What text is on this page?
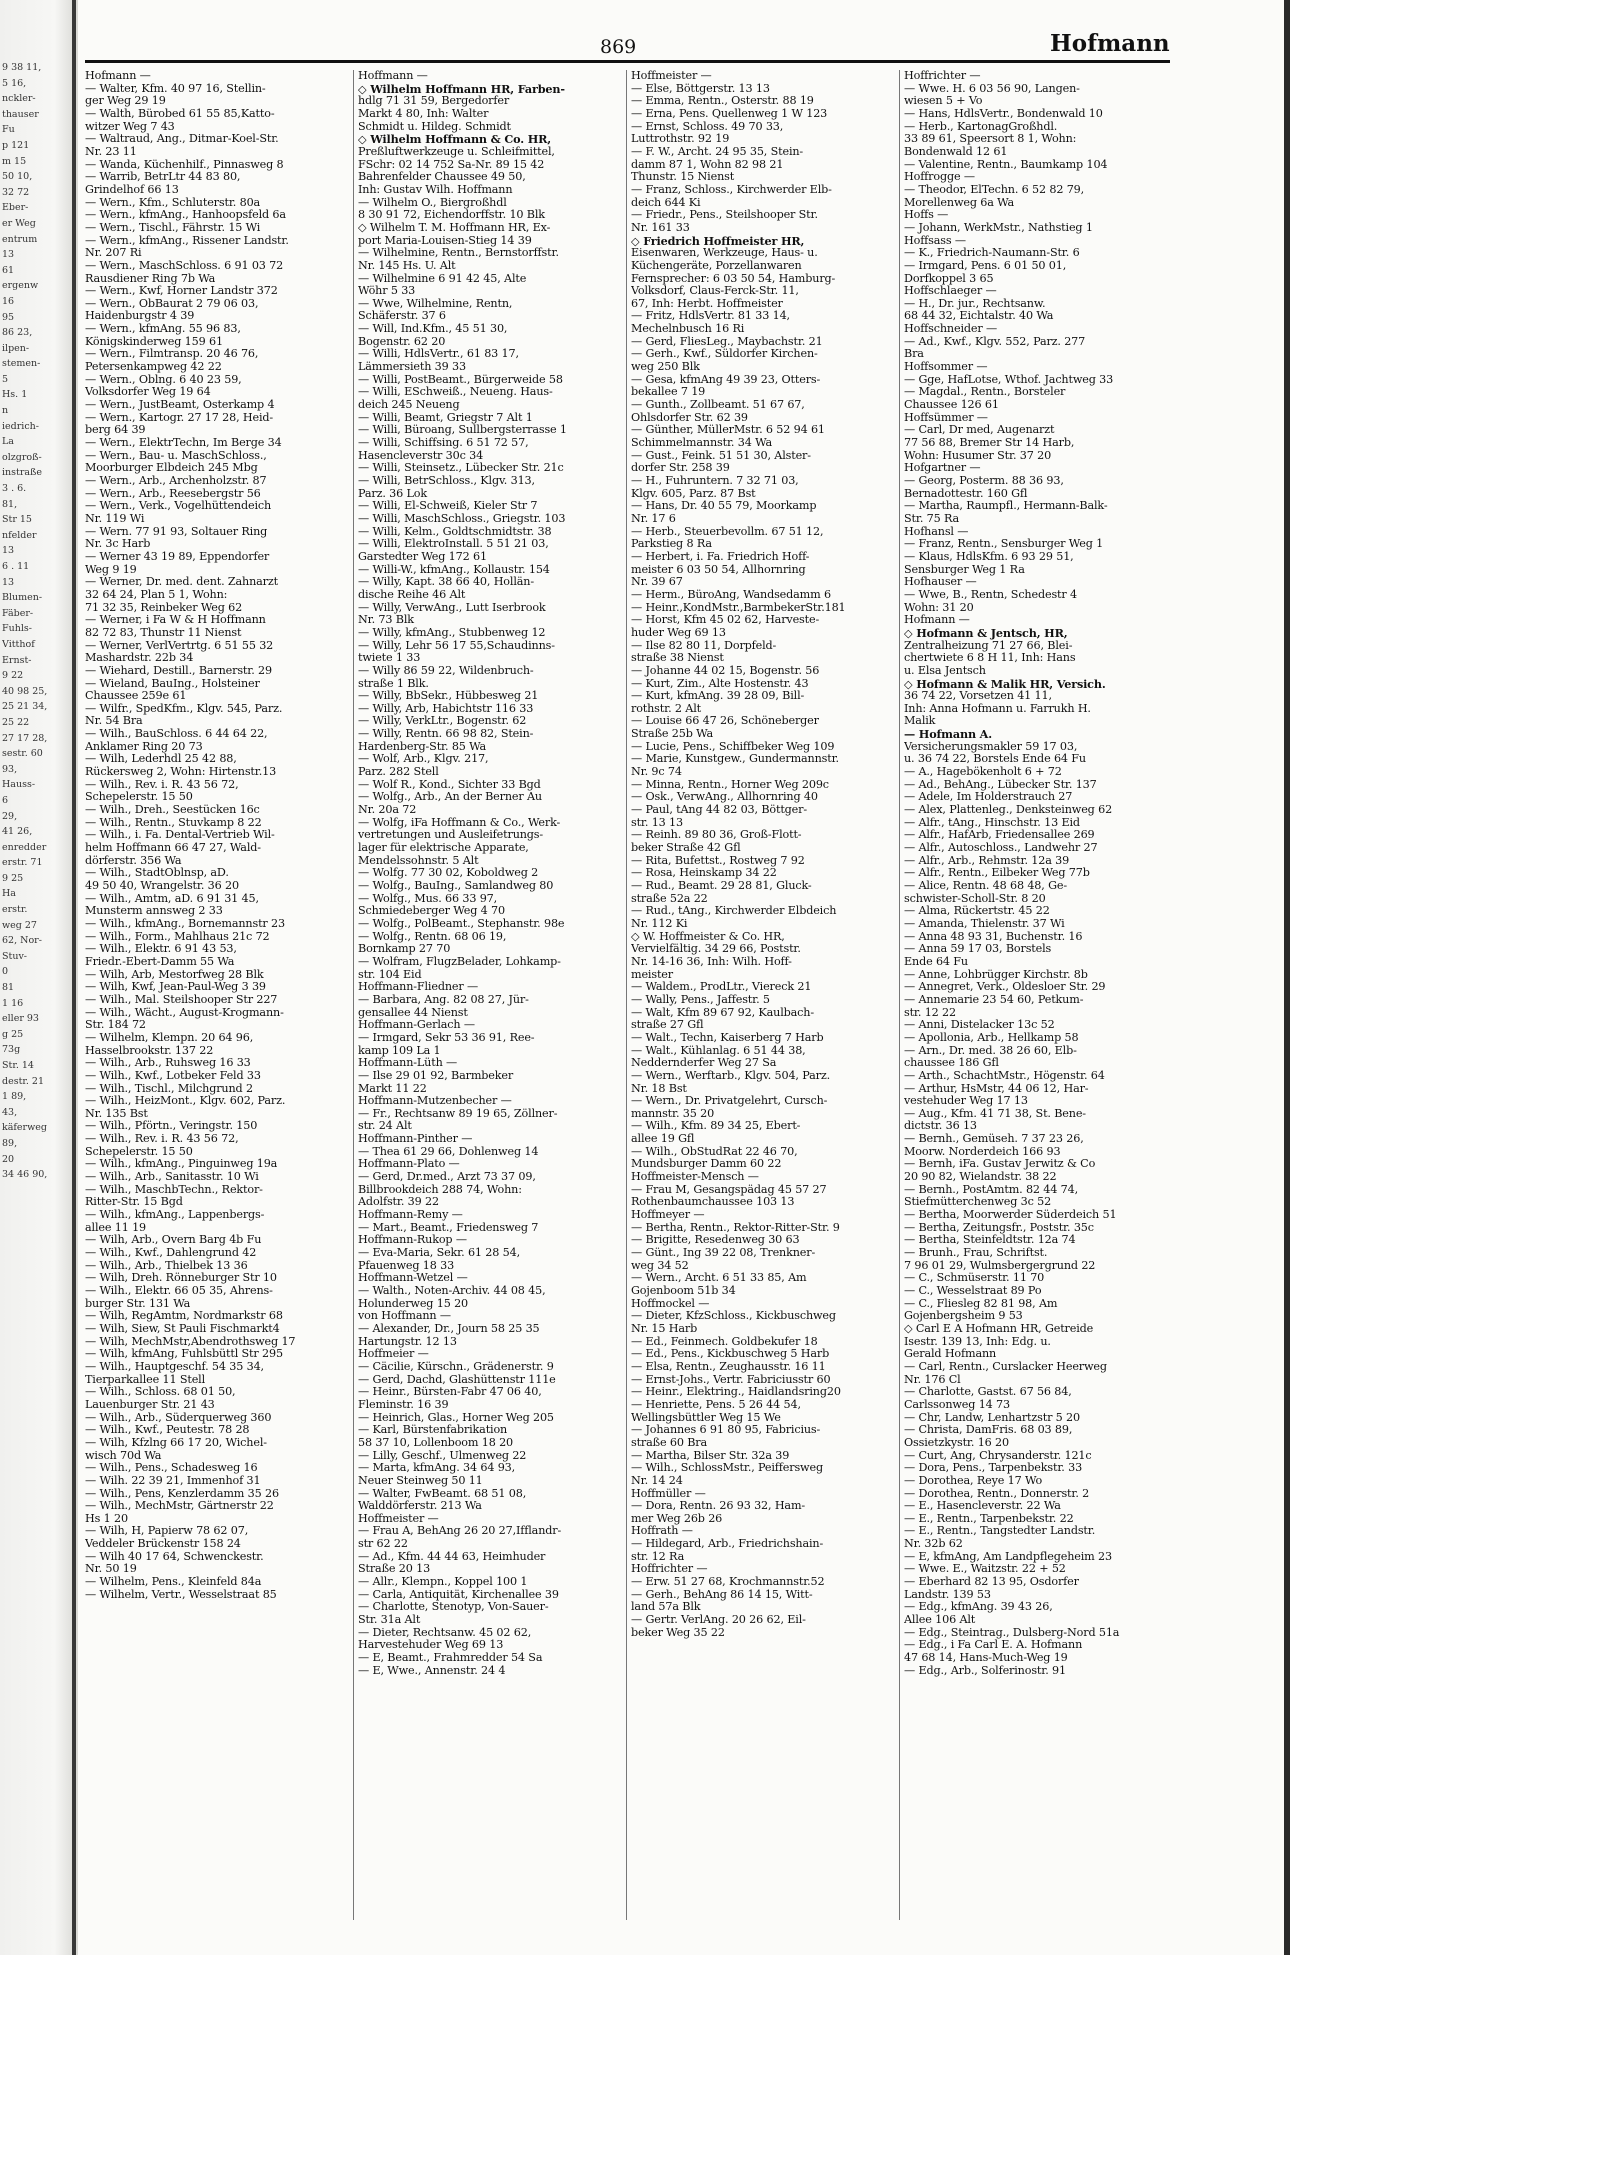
9 38 11,
5 16,
nckler-
thauser
Fu
p 121
m 15
50 10,
32 72
Eber-
er Weg
entrum
13
61
ergenw
16
95
86 23,
ilpen-
stemen-
5
Hs. 1
n
iedrich-
La
olzgroß-
instraße
3 . 6.
81,
Str 15
nfelder
13
6 . 11
13
Blumen-
Fäber-
Fuhls-
Vitthof
Ernst-
9 22
40 98 25,
25 21 34,
25 22
27 17 28,
sestr. 60
93,
Hauss-
6
29,
41 26,
enredder
erstr. 71
9 25
Ha
erstr.
weg 27
62, Nor-
Stuv-
0
81
1 16
eller 93
g 25
73g
Str. 14
destr. 21
1 89,
43,
käferweg
89,
20
34 46 90,
869	Hofmann
Hofmann —
— Walter, Kfm. 40 97 16, Stellin-
ger Weg 29 19
— Walth, Bürobed 61 55 85,Katto-
witzer Weg 7 43
— Waltraud, Ang., Ditmar-Koel-Str.
Nr. 23 11
— Wanda, Küchenhilf., Pinnasweg 8
— Warrib, BetrLtr 44 83 80,
Grindelhof 66 13
— Wern., Kfm., Schluterstr. 80a
— Wern., kfmAng., Hanhoopsfeld 6a
— Wern., Tischl., Fährstr. 15 Wi
— Wern., kfmAng., Rissener Landstr.
Nr. 207 Ri
— Wern., MaschSchloss. 6 91 03 72
Rausdiener Ring 7b Wa
— Wern., Kwf, Horner Landstr 372
— Wern., ObBaurat 2 79 06 03,
Haidenburgstr 4 39
— Wern., kfmAng. 55 96 83,
Königskinderweg 159 61
— Wern., Filmtransp. 20 46 76,
Petersenkampweg 42 22
— Wern., Oblng. 6 40 23 59,
Volksdorfer Weg 19 64
— Wern., JustBeamt, Osterkamp 4
— Wern., Kartogr. 27 17 28, Heid-
berg 64 39
— Wern., ElektrTechn, Im Berge 34
— Wern., Bau- u. MaschSchloss.,
Moorburger Elbdeich 245 Mbg
— Wern., Arb., Archenholzstr. 87
— Wern., Arb., Reesebergstr 56
— Wern., Verk., Vogelhüttendeich
Nr. 119 Wi
— Wern. 77 91 93, Soltauer Ring
Nr. 3c Harb
— Werner 43 19 89, Eppendorfer
Weg 9 19
— Werner, Dr. med. dent. Zahnarzt
32 64 24, Plan 5 1, Wohn:
71 32 35, Reinbeker Weg 62
— Werner, i Fa W & H Hoffmann
82 72 83, Thunstr 11 Nienst
— Werner, VerlVertrtg. 6 51 55 32
Mashardstr. 22b 34
— Wiehard, Destill., Barnerstr. 29
— Wieland, BauIng., Holsteiner
Chaussee 259e 61
— Wilfr., SpedKfm., Klgv. 545, Parz.
Nr. 54 Bra
— Wilh., BauSchloss. 6 44 64 22,
Anklamer Ring 20 73
— Wilh, Lederhdl 25 42 88,
Rückersweg 2, Wohn: Hirtenstr.13
— Wilh., Rev. i. R. 43 56 72,
Schepelerstr. 15 50
— Wilh., Dreh., Seestücken 16c
— Wilh., Rentn., Stuvkamp 8 22
— Wilh., i. Fa. Dental-Vertrieb Wil-
helm Hoffmann 66 47 27, Wald-
dörferstr. 356 Wa
— Wilh., StadtOblnsp, aD.
49 50 40, Wrangelstr. 36 20
— Wilh., Amtm, aD. 6 91 31 45,
Munsterm annsweg 2 33
— Wilh., kfmAng., Bornemannstr 23
— Wilh., Form., Mahlhaus 21c 72
— Wilh., Elektr. 6 91 43 53,
Friedr.-Ebert-Damm 55 Wa
— Wilh, Arb, Mestorfweg 28 Blk
— Wilh, Kwf, Jean-Paul-Weg 3 39
— Wilh., Mal. Steilshooper Str 227
— Wilh., Wächt., August-Krogmann-
Str. 184 72
— Wilhelm, Klempn. 20 64 96,
Hasselbrookstr. 137 22
— Wilh., Arb., Ruhsweg 16 33
— Wilh., Kwf., Lotbeker Feld 33
— Wilh., Tischl., Milchgrund 2
— Wilh., HeizMont., Klgv. 602, Parz.
Nr. 135 Bst
— Wilh., Pförtn., Veringstr. 150
— Wilh., Rev. i. R. 43 56 72,
Schepelerstr. 15 50
— Wilh., kfmAng., Pinguinweg 19a
— Wilh., Arb., Sanitasstr. 10 Wi
— Wilh., MaschbTechn., Rektor-
Ritter-Str. 15 Bgd
— Wilh., kfmAng., Lappenbergs-
allee 11 19
— Wilh, Arb., Övern Barg 4b Fu
— Wilh., Kwf., Dahlengrund 42
— Wilh., Arb., Thielbek 13 36
— Wilh, Dreh. Rönneburger Str 10
— Wilh., Elektr. 66 05 35, Ahrens-
burger Str. 131 Wa
— Wilh, RegAmtm, Nordmarkstr 68
— Wilh, Siew, St Pauli Fischmarkt4
— Wilh, MechMstr,Abendrothsweg 17
— Wilh, kfmAng, Fuhlsbüttl Str 295
— Wilh., Hauptgeschf. 54 35 34,
Tierparkallee 11 Stell
— Wilh., Schloss. 68 01 50,
Lauenburger Str. 21 43
— Wilh., Arb., Süderquerweg 360
— Wilh., Kwf., Peutestr. 78 28
— Wilh, Kfzlng 66 17 20, Wichel-
wisch 70d Wa
— Wilh., Pens., Schadesweg 16
— Wilh. 22 39 21, Immenhof 31
— Wilh., Pens, Kenzlerdamm 35 26
— Wilh., MechMstr, Gärtnerstr 22
Hs 1 20
— Wilh, H, Papierw 78 62 07,
Veddeler Brückenstr 158 24
— Wilh 40 17 64, Schwenckestr.
Nr. 50 19
— Wilhelm, Pens., Kleinfeld 84a
— Wilhelm, Vertr., Wesselstraat 85
Hoffmann —
◇ Wilhelm Hoffmann HR, Farben-
hdlg 71 31 59, Bergedorfer
Markt 4 80, Inh: Walter
Schmidt u. Hildeg. Schmidt
◇ Wilhelm Hoffmann & Co. HR,
Preßluftwerkzeuge u. Schleifmittel,
FSchr: 02 14 752 Sa-Nr. 89 15 42
Bahrenfelder Chaussee 49 50,
Inh: Gustav Wilh. Hoffmann
— Wilhelm O., Biergroßhdl
8 30 91 72, Eichendorffstr. 10 Blk
◇ Wilhelm T. M. Hoffmann HR, Ex-
port Maria-Louisen-Stieg 14 39
— Wilhelmine, Rentn., Bernstorffstr.
Nr. 145 Hs. U. Alt
— Wilhelmine 6 91 42 45, Alte
Wöhr 5 33
— Wwe, Wilhelmine, Rentn,
Schäferstr. 37 6
— Will, Ind.Kfm., 45 51 30,
Bogenstr. 62 20
— Willi, HdlsVertr., 61 83 17,
Lämmersieth 39 33
— Willi, PostBeamt., Bürgerweide 58
— Willi, ESchweiß., Neueng. Haus-
deich 245 Neueng
— Willi, Beamt, Griegstr 7 Alt 1
— Willi, Büroang, Sullbergsterrasse 1
— Willi, Schiffsing. 6 51 72 57,
Hasencleverstr 30c 34
— Willi, Steinsetz., Lübecker Str. 21c
— Willi, BetrSchloss., Klgv. 313,
Parz. 36 Lok
— Willi, El-Schweiß, Kieler Str 7
— Willi, MaschSchloss., Griegstr. 103
— Willi, Kelm., Goldtschmidtstr. 38
— Willi, ElektroInstall. 5 51 21 03,
Garstedter Weg 172 61
— Willi-W., kfmAng., Kollaustr. 154
— Willy, Kapt. 38 66 40, Hollän-
dische Reihe 46 Alt
— Willy, VerwAng., Lutt Iserbrook
Nr. 73 Blk
— Willy, kfmAng., Stubbenweg 12
— Willy, Lehr 56 17 55,Schaudinns-
twiete 1 33
— Willy 86 59 22, Wildenbruch-
straße 1 Blk.
— Willy, BbSekr., Hübbesweg 21
— Willy, Arb, Habichtstr 116 33
— Willy, VerkLtr., Bogenstr. 62
— Willy, Rentn. 66 98 82, Stein-
Hardenberg-Str. 85 Wa
— Wolf, Arb., Klgv. 217,
Parz. 282 Stell
— Wolf R., Kond., Sichter 33 Bgd
— Wolfg., Arb., An der Berner Au
Nr. 20a 72
— Wolfg, iFa Hoffmann & Co., Werk-
vertretungen und Ausleifetrungs-
lager für elektrische Apparate,
Mendelssohnstr. 5 Alt
— Wolfg. 77 30 02, Koboldweg 2
— Wolfg., BauIng., Samlandweg 80
— Wolfg., Mus. 66 33 97,
Schmiedeberger Weg 4 70
— Wolfg., PolBeamt., Stephanstr. 98e
— Wolfg., Rentn. 68 06 19,
Bornkamp 27 70
— Wolfram, FlugzBelader, Lohkamp-
str. 104 Eid
Hoffmann-Fliedner —
— Barbara, Ang. 82 08 27, Jür-
gensallee 44 Nienst
Hoffmann-Gerlach —
— Irmgard, Sekr 53 36 91, Ree-
kamp 109 La 1
Hoffmann-Lüth —
— Ilse 29 01 92, Barmbeker
Markt 11 22
Hoffmann-Mutzenbecher —
— Fr., Rechtsanw 89 19 65, Zöllner-
str. 24 Alt
Hoffmann-Pinther —
— Thea 61 29 66, Dohlenweg 14
Hoffmann-Plato —
— Gerd, Dr.med., Arzt 73 37 09,
Billbrookdeich 288 74, Wohn:
Adolfstr. 39 22
Hoffmann-Remy —
— Mart., Beamt., Friedensweg 7
Hoffmann-Rukop —
— Eva-Maria, Sekr. 61 28 54,
Pfauenweg 18 33
Hoffmann-Wetzel —
— Walth., Noten-Archiv. 44 08 45,
Holunderweg 15 20
von Hoffmann —
— Alexander, Dr., Journ 58 25 35
Hartungstr. 12 13
Hoffmeier —
— Cäcilie, Kürschn., Grädenerstr. 9
— Gerd, Dachd, Glashüttenstr 111e
— Heinr., Bürsten-Fabr 47 06 40,
Fleminstr. 16 39
— Heinrich, Glas., Horner Weg 205
— Karl, Bürstenfabrikation
58 37 10, Lollenboom 18 20
— Lilly, Geschf., Ulmenweg 22
— Marta, kfmAng. 34 64 93,
Neuer Steinweg 50 11
— Walter, FwBeamt. 68 51 08,
Walddörferstr. 213 Wa
Hoffmeister —
— Frau A, BehAng 26 20 27,Ifflandr-
str 62 22
— Ad., Kfm. 44 44 63, Heimhuder
Straße 20 13
— Allr., Klempn., Koppel 100 1
— Carla, Antiquität, Kirchenallee 39
— Charlotte, Stenotyp, Von-Sauer-
Str. 31a Alt
— Dieter, Rechtsanw. 45 02 62,
Harvestehuder Weg 69 13
— E, Beamt., Frahmredder 54 Sa
— E, Wwe., Annenstr. 24 4
Hoffmeister —
— Else, Böttgerstr. 13 13
— Emma, Rentn., Osterstr. 88 19
— Erna, Pens. Quellenweg 1 W 123
— Ernst, Schloss. 49 70 33,
Luttrothstr. 92 19
— F. W., Archt. 24 95 35, Stein-
damm 87 1, Wohn 82 98 21
Thunstr. 15 Nienst
— Franz, Schloss., Kirchwerder Elb-
deich 644 Ki
— Friedr., Pens., Steilshooper Str.
Nr. 161 33
◇ Friedrich Hoffmeister HR,
Eisenwaren, Werkzeuge, Haus- u.
Küchengeräte, Porzellanwaren
Fernsprecher: 6 03 50 54, Hamburg-
Volksdorf, Claus-Ferck-Str. 11,
67, Inh: Herbt. Hoffmeister
— Fritz, HdlsVertr. 81 33 14,
Mechelnbusch 16 Ri
— Gerd, FliesLeg., Maybachstr. 21
— Gerh., Kwf., Süldorfer Kirchen-
weg 250 Blk
— Gesa, kfmAng 49 39 23, Otters-
bekallee 7 19
— Gunth., Zollbeamt. 51 67 67,
Ohlsdorfer Str. 62 39
— Günther, MüllerMstr. 6 52 94 61
Schimmelmannstr. 34 Wa
— Gust., Feink. 51 51 30, Alster-
dorfer Str. 258 39
— H., Fuhruntern. 7 32 71 03,
Klgv. 605, Parz. 87 Bst
— Hans, Dr. 40 55 79, Moorkamp
Nr. 17 6
— Herb., Steuerbevollm. 67 51 12,
Parkstieg 8 Ra
— Herbert, i. Fa. Friedrich Hoff-
meister 6 03 50 54, Allhornring
Nr. 39 67
— Herm., BüroAng, Wandsedamm 6
— Heinr.,KondMstr.,BarmbekerStr.181
— Horst, Kfm 45 02 62, Harveste-
huder Weg 69 13
— Ilse 82 80 11, Dorpfeld-
straße 38 Nienst
— Johanne 44 02 15, Bogenstr. 56
— Kurt, Zim., Alte Hostenstr. 43
— Kurt, kfmAng. 39 28 09, Bill-
rothstr. 2 Alt
— Louise 66 47 26, Schöneberger
Straße 25b Wa
— Lucie, Pens., Schiffbeker Weg 109
— Marie, Kunstgew., Gundermannstr.
Nr. 9c 74
— Minna, Rentn., Horner Weg 209c
— Osk., VerwAng., Allhornring 40
— Paul, tAng 44 82 03, Böttger-
str. 13 13
— Reinh. 89 80 36, Groß-Flott-
beker Straße 42 Gfl
— Rita, Bufettst., Rostweg 7 92
— Rosa, Heinskamp 34 22
— Rud., Beamt. 29 28 81, Gluck-
straße 52a 22
— Rud., tAng., Kirchwerder Elbdeich
Nr. 112 Ki
◇ W. Hoffmeister & Co. HR,
Vervielfältig. 34 29 66, Poststr.
Nr. 14-16 36, Inh: Wilh. Hoff-
meister
— Waldem., ProdLtr., Viereck 21
— Wally, Pens., Jaffestr. 5
— Walt, Kfm 89 67 92, Kaulbach-
straße 27 Gfl
— Walt., Techn, Kaiserberg 7 Harb
— Walt., Kühlanlag. 6 51 44 38,
Neddernderfer Weg 27 Sa
— Wern., Werftarb., Klgv. 504, Parz.
Nr. 18 Bst
— Wern., Dr. Privatgelehrt, Cursch-
mannstr. 35 20
— Wilh., Kfm. 89 34 25, Ebert-
allee 19 Gfl
— Wilh., ObStudRat 22 46 70,
Mundsburger Damm 60 22
Hoffmeister-Mensch —
— Frau M, Gesangspädag 45 57 27
Rothenbaumchaussee 103 13
Hoffmeyer —
— Bertha, Rentn., Rektor-Ritter-Str. 9
— Brigitte, Resedenweg 30 63
— Günt., Ing 39 22 08, Trenkner-
weg 34 52
— Wern., Archt. 6 51 33 85, Am
Gojenboom 51b 34
Hoffmockel —
— Dieter, KfzSchloss., Kickbuschweg
Nr. 15 Harb
— Ed., Feinmech. Goldbekufer 18
— Ed., Pens., Kickbuschweg 5 Harb
— Elsa, Rentn., Zeughausstr. 16 11
— Ernst-Johs., Vertr. Fabriciusstr 60
— Heinr., Elektring., Haidlandsring20
— Henriette, Pens. 5 26 44 54,
Wellingsbüttler Weg 15 We
— Johannes 6 91 80 95, Fabricius-
straße 60 Bra
— Martha, Bilser Str. 32a 39
— Wilh., SchlossMstr., Peiffersweg
Nr. 14 24
Hoffmüller —
— Dora, Rentn. 26 93 32, Ham-
mer Weg 26b 26
Hoffrath —
— Hildegard, Arb., Friedrichshain-
str. 12 Ra
Hoffrichter —
— Erw. 51 27 68, Krochmannstr.52
— Gerh., BehAng 86 14 15, Witt-
land 57a Blk
— Gertr. VerlAng. 20 26 62, Eil-
beker Weg 35 22
Hoffrichter —
— Wwe. H. 6 03 56 90, Langen-
wiesen 5 + Vo
— Hans, HdlsVertr., Bondenwald 10
— Herb., KartonagGroßhdl.
33 89 61, Speersort 8 1, Wohn:
Bondenwald 12 61
— Valentine, Rentn., Baumkamp 104
Hoffrogge —
— Theodor, ElTechn. 6 52 82 79,
Morellenweg 6a Wa
Hoffs —
— Johann, WerkMstr., Nathstieg 1
Hoffsass —
— K., Friedrich-Naumann-Str. 6
— Irmgard, Pens. 6 01 50 01,
Dorfkoppel 3 65
Hoffschlaeger —
— H., Dr. jur., Rechtsanw.
68 44 32, Eichtalstr. 40 Wa
Hoffschneider —
— Ad., Kwf., Klgv. 552, Parz. 277
Bra
Hoffsommer —
— Gge, HafLotse, Wthof. Jachtweg 33
— Magdal., Rentn., Borsteler
Chaussee 126 61
Hoffsümmer —
— Carl, Dr med, Augenarzt
77 56 88, Bremer Str 14 Harb,
Wohn: Husumer Str. 37 20
Hofgartner —
— Georg, Posterm. 88 36 93,
Bernadottestr. 160 Gfl
— Martha, Raumpfl., Hermann-Balk-
Str. 75 Ra
Hofhansl —
— Franz, Rentn., Sensburger Weg 1
— Klaus, HdlsKfm. 6 93 29 51,
Sensburger Weg 1 Ra
Hofhauser —
— Wwe, B., Rentn, Schedestr 4
Wohn: 31 20
Hofmann —
◇ Hofmann & Jentsch, HR,
Zentralheizung 71 27 66, Blei-
chertwiete 6 8 H 11, Inh: Hans
u. Elsa Jentsch
◇ Hofmann & Malik HR, Versich.
36 74 22, Vorsetzen 41 11,
Inh: Anna Hofmann u. Farrukh H.
Malik
— Hofmann A.
Versicherungsmakler 59 17 03,
u. 36 74 22, Borstels Ende 64 Fu
— A., Hagebökenholt 6 + 72
— Ad., BehAng., Lübecker Str. 137
— Adele, Im Holderstrauch 27
— Alex, Plattenleg., Denksteinweg 62
— Alfr., tAng., Hinschstr. 13 Eid
— Alfr., HafArb, Friedensallee 269
— Alfr., Autoschloss., Landwehr 27
— Alfr., Arb., Rehmstr. 12a 39
— Alfr., Rentn., Eilbeker Weg 77b
— Alice, Rentn. 48 68 48, Ge-
schwister-Scholl-Str. 8 20
— Alma, Rückertstr. 45 22
— Amanda, Thielenstr. 37 Wi
— Anna 48 93 31, Buchenstr. 16
— Anna 59 17 03, Borstels
Ende 64 Fu
— Anne, Lohbrügger Kirchstr. 8b
— Annegret, Verk., Oldesloer Str. 29
— Annemarie 23 54 60, Petkum-
str. 12 22
— Anni, Distelacker 13c 52
— Apollonia, Arb., Hellkamp 58
— Arn., Dr. med. 38 26 60, Elb-
chaussee 186 Gfl
— Arth., SchachtMstr., Högenstr. 64
— Arthur, HsMstr, 44 06 12, Har-
vestehuder Weg 17 13
— Aug., Kfm. 41 71 38, St. Bene-
dictstr. 36 13
— Bernh., Gemüseh. 7 37 23 26,
Moorw. Norderdeich 166 93
— Bernh, iFa. Gustav Jerwitz & Co
20 90 82, Wielandstr. 38 22
— Bernh., PostAmtm. 82 44 74,
Stiefmütterchenweg 3c 52
— Bertha, Moorwerder Süderdeich 51
— Bertha, Zeitungsfr., Poststr. 35c
— Bertha, Steinfeldtstr. 12a 74
— Brunh., Frau, Schriftst.
7 96 01 29, Wulmsbergergrund 22
— C., Schmüserstr. 11 70
— C., Wesselstraat 89 Po
— C., Fliesleg 82 81 98, Am
Gojenbergsheim 9 53
◇ Carl E A Hofmann HR, Getreide
Isestr. 139 13, Inh: Edg. u.
Gerald Hofmann
— Carl, Rentn., Curslacker Heerweg
Nr. 176 Cl
— Charlotte, Gastst. 67 56 84,
Carlssonweg 14 73
— Chr, Landw, Lenhartzstr 5 20
— Christa, DamFris. 68 03 89,
Ossietzkystr. 16 20
— Curt, Ang, Chrysanderstr. 121c
— Dora, Pens., Tarpenbekstr. 33
— Dorothea, Reye 17 Wo
— Dorothea, Rentn., Donnerstr. 2
— E., Hasencleverstr. 22 Wa
— E., Rentn., Tarpenbekstr. 22
— E., Rentn., Tangstedter Landstr.
Nr. 32b 62
— E, kfmAng, Am Landpflegeheim 23
— Wwe. E., Waitzstr. 22 + 52
— Eberhard 82 13 95, Osdorfer
Landstr. 139 53
— Edg., kfmAng. 39 43 26,
Allee 106 Alt
— Edg., Steintrag., Dulsberg-Nord 51a
— Edg., i Fa Carl E. A. Hofmann
47 68 14, Hans-Much-Weg 19
— Edg., Arb., Solferinostr. 91
